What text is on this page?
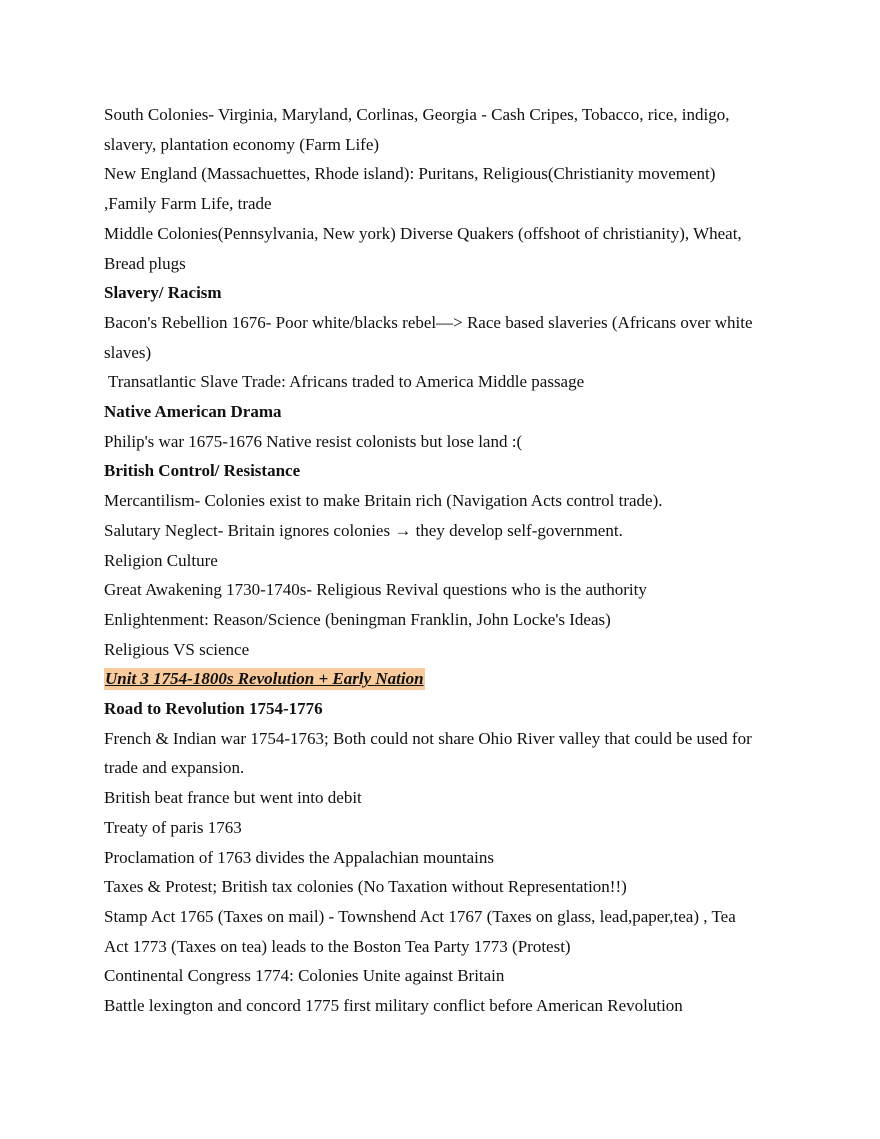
South Colonies- Virginia, Maryland, Corlinas, Georgia - Cash Cripes, Tobacco, rice, indigo,

slavery, plantation economy (Farm Life)

New England (Massachuettes, Rhode island): Puritans, Religious(Christianity movement)

,Family Farm Life, trade

Middle Colonies(Pennsylvania, New york) Diverse Quakers (offshoot of christianity), Wheat,

Bread plugs

Slavery/ Racism

Bacon's Rebellion 1676- Poor white/blacks rebel—> Race based slaveries (Africans over white

slaves)

Transatlantic Slave Trade: Africans traded to America Middle passage

Native American Drama

Philip's war 1675-1676 Native resist colonists but lose land :(

British Control/ Resistance

Mercantilism- Colonies exist to make Britain rich (Navigation Acts control trade).

Salutary Neglect- Britain ignores colonies → they develop self-government.

Religion Culture

Great Awakening 1730-1740s- Religious Revival questions who is the authority

Enlightenment: Reason/Science (beningman Franklin, John Locke's Ideas)

Religious VS science

Unit 3 1754-1800s Revolution + Early Nation

Road to Revolution 1754-1776

French & Indian war 1754-1763; Both could not share Ohio River valley that could be used for

trade and expansion.

British beat france but went into debit

Treaty of paris 1763

Proclamation of 1763 divides the Appalachian mountains

Taxes & Protest; British tax colonies (No Taxation without Representation!!)

Stamp Act 1765 (Taxes on mail) - Townshend Act 1767 (Taxes on glass, lead,paper,tea) , Tea

Act 1773 (Taxes on tea) leads to the Boston Tea Party 1773 (Protest)

Continental Congress 1774: Colonies Unite against Britain

Battle lexington and concord 1775 first military conflict before American Revolution
